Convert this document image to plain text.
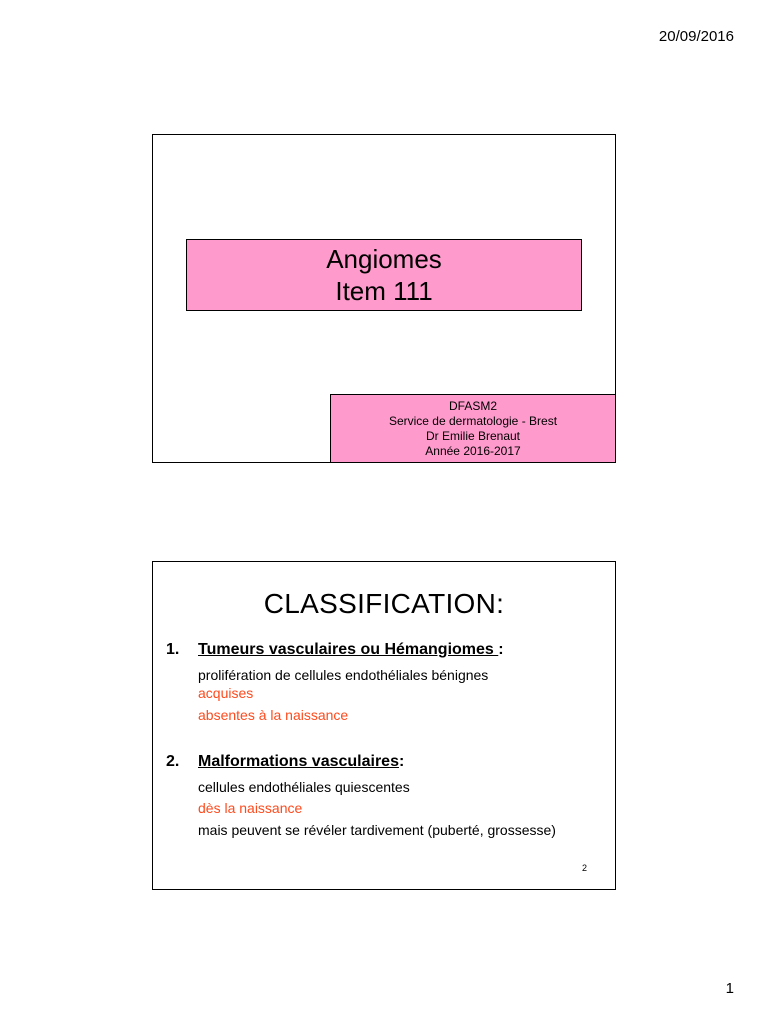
20/09/2016
Angiomes
Item 111
DFASM2
Service de dermatologie - Brest
Dr Emilie Brenaut
Année 2016-2017
CLASSIFICATION:
1. Tumeurs vasculaires ou Hémangiomes :
prolifération de cellules endothéliales bénignes
acquises
absentes à la naissance
2. Malformations vasculaires:
cellules endothéliales quiescentes
dès la naissance
mais peuvent se révéler tardivement (puberté, grossesse)
2
1
